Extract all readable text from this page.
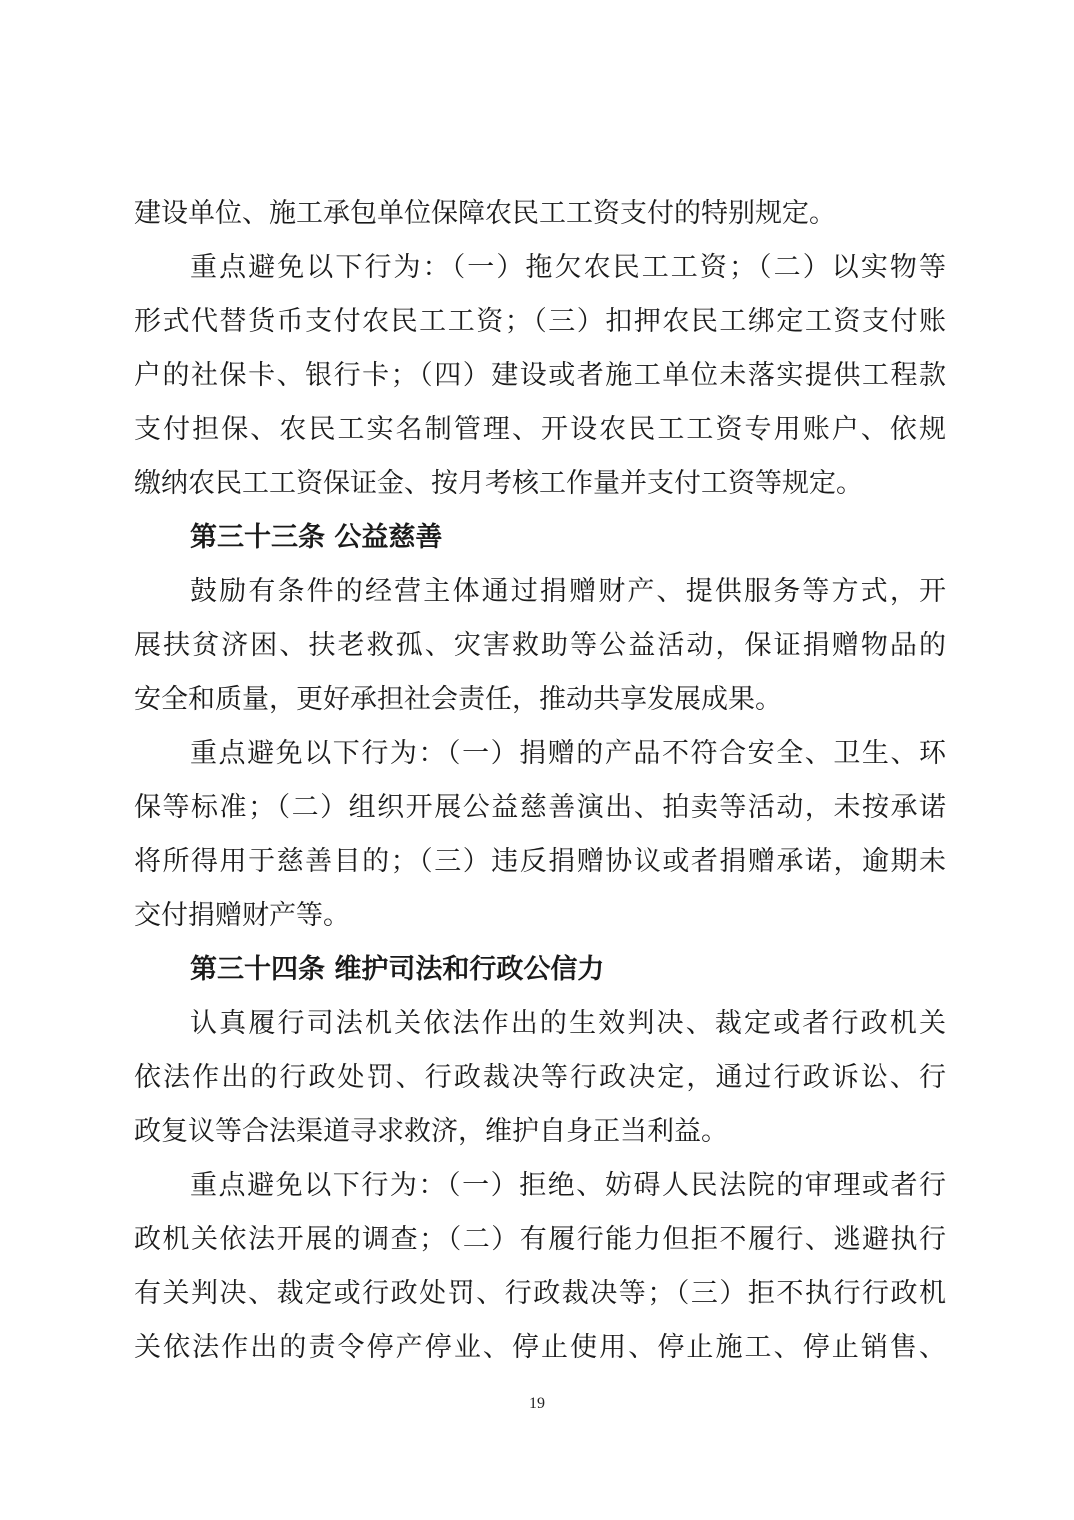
建设单位、施工承包单位保障农民工工资支付的特别规定。
重点避免以下行为：（一）拖欠农民工工资；（二）以实物等
形式代替货币支付农民工工资；（三）扣押农民工绑定工资支付账
户的社保卡、银行卡；（四）建设或者施工单位未落实提供工程款
支付担保、农民工实名制管理、开设农民工工资专用账户、依规
缴纳农民工工资保证金、按月考核工作量并支付工资等规定。
第三十三条 公益慈善
鼓励有条件的经营主体通过捐赠财产、提供服务等方式，开
展扶贫济困、扶老救孤、灾害救助等公益活动，保证捐赠物品的
安全和质量，更好承担社会责任，推动共享发展成果。
重点避免以下行为：（一）捐赠的产品不符合安全、卫生、环
保等标准；（二）组织开展公益慈善演出、拍卖等活动，未按承诺
将所得用于慈善目的；（三）违反捐赠协议或者捐赠承诺，逾期未
交付捐赠财产等。
第三十四条 维护司法和行政公信力
认真履行司法机关依法作出的生效判决、裁定或者行政机关
依法作出的行政处罚、行政裁决等行政决定，通过行政诉讼、行
政复议等合法渠道寻求救济，维护自身正当利益。
重点避免以下行为：（一）拒绝、妨碍人民法院的审理或者行
政机关依法开展的调查；（二）有履行能力但拒不履行、逃避执行
有关判决、裁定或行政处罚、行政裁决等；（三）拒不执行行政机
关依法作出的责令停产停业、停止使用、停止施工、停止销售、
19
